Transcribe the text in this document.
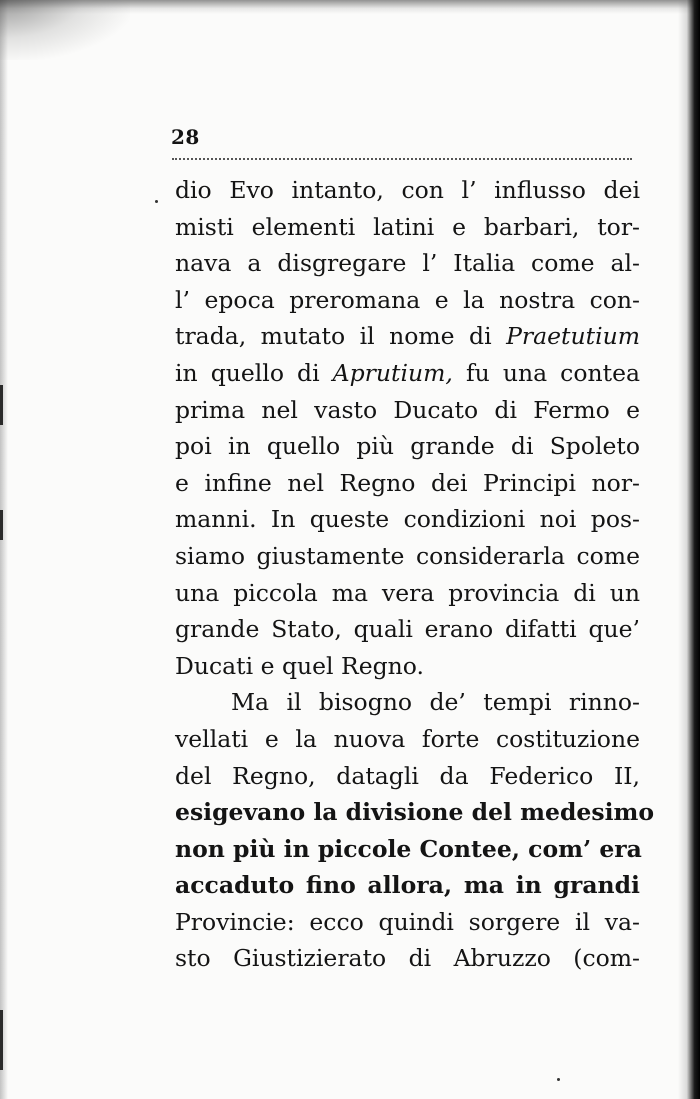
28
dio Evo intanto, con l’ influsso dei
misti elementi latini e barbari, tor-
nava a disgregare l’ Italia come al-
l’ epoca preromana e la nostra con-
trada, mutato il nome di Praetutium
in quello di Aprutium, fu una contea
prima nel vasto Ducato di Fermo e
poi in quello più grande di Spoleto
e infine nel Regno dei Principi nor-
manni. In queste condizioni noi pos-
siamo giustamente considerarla come
una piccola ma vera provincia di un
grande Stato, quali erano difatti que’
Ducati e quel Regno.
Ma il bisogno de’ tempi rinno-
vellati e la nuova forte costituzione
del Regno, datagli da Federico II,
esigevano la divisione del medesimo
non più in piccole Contee, com’ era
accaduto fino allora, ma in grandi
Provincie: ecco quindi sorgere il va-
sto Giustizierato di Abruzzo (com-
